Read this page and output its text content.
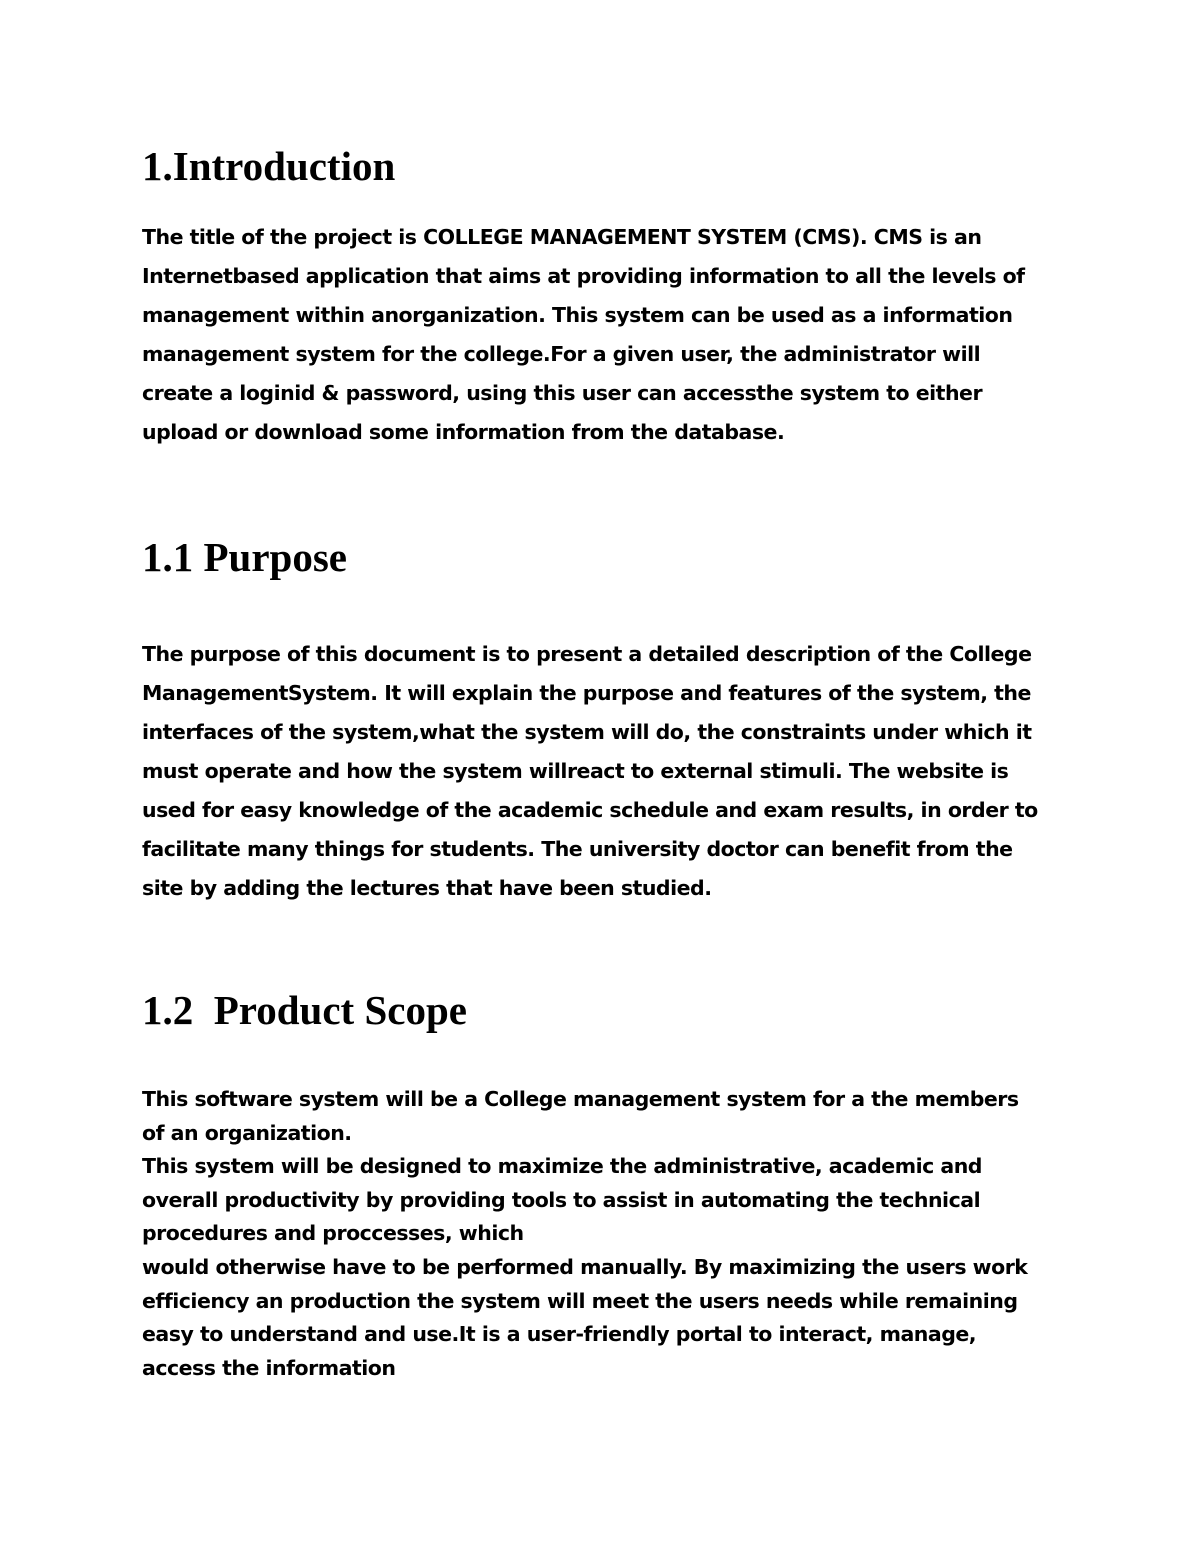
1.Introduction
The title of the project is COLLEGE MANAGEMENT SYSTEM (CMS). CMS is an
Internetbased application that aims at providing information to all the levels of
management within anorganization. This system can be used as a information
management system for the college.For a given user, the administrator will
create a loginid & password, using this user can accessthe system to either
upload or download some information from the database.
1.1 Purpose
The purpose of this document is to present a detailed description of the College
ManagementSystem. It will explain the purpose and features of the system, the
interfaces of the system,what the system will do, the constraints under which it
must operate and how the system willreact to external stimuli. The website is
used for easy knowledge of the academic schedule and exam results, in order to
facilitate many things for students. The university doctor can benefit from the
site by adding the lectures that have been studied.
1.2  Product Scope
This software system will be a College management system for a the members
of an organization.
This system will be designed to maximize the administrative, academic and
overall productivity by providing tools to assist in automating the technical
procedures and proccesses, which
would otherwise have to be performed manually. By maximizing the users work
efficiency an production the system will meet the users needs while remaining
easy to understand and use.It is a user-friendly portal to interact, manage,
access the information
